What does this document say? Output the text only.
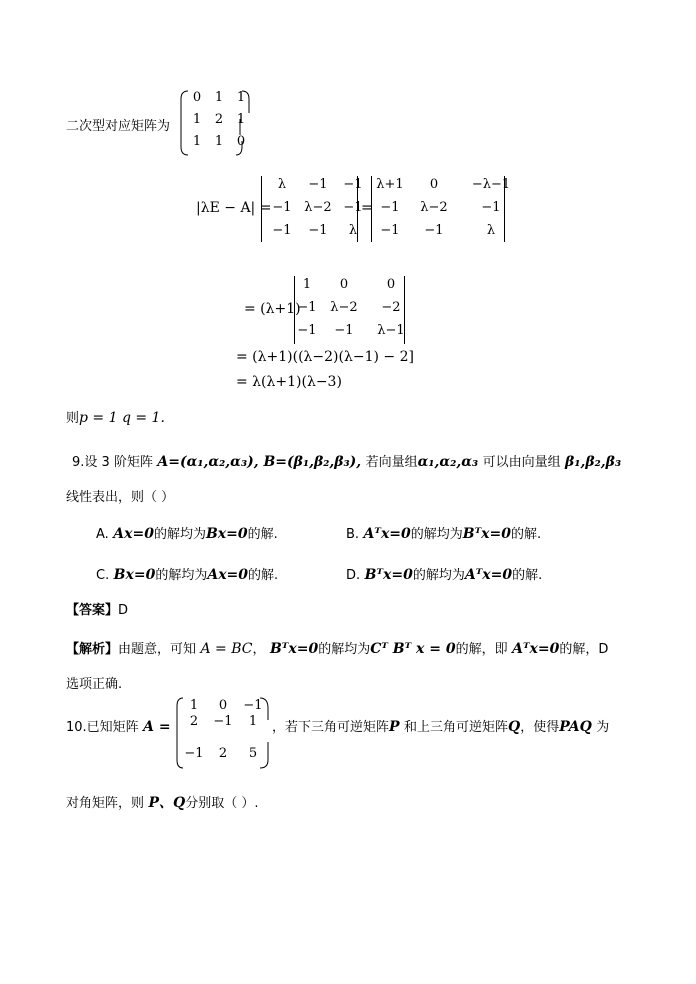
二次型对应矩阵为
0	1	1
1	2	1
1	1	0
|λE − A| =
λ	−1	−1
−1 λ−2 −1
−1	−1	λ
=
λ+1	0	−λ−1
−1	λ−2	−1
−1	−1	λ
= (λ+1)
1	0	0
−1	λ−2	−2
−1	−1	λ−1
= (λ+1)((λ−2)(λ−1) − 2]
= λ(λ+1)(λ−3)
则p = 1 q = 1.
9.设 3 阶矩阵 A=(α₁,α₂,α₃), B=(β₁,β₂,β₃), 若向量组α₁,α₂,α₃ 可以由向量组 β₁,β₂,β₃
线性表出，则（ ）
A. Ax=0的解均为Bx=0的解.	B. Aᵀx=0的解均为Bᵀx=0的解.
C. Bx=0的解均为Ax=0的解.	D. Bᵀx=0的解均为Aᵀx=0的解.
【答案】D
【解析】由题意，可知 A = BC， Bᵀx=0的解均为Cᵀ Bᵀ x = 0的解，即 Aᵀx=0的解，D
选项正确.
10.已知矩阵 A =
1	0	−1
2	−1	1
−1	2	5
，若下三角可逆矩阵P 和上三角可逆矩阵Q，使得PAQ 为
对角矩阵，则 P、Q分别取（ ）.
